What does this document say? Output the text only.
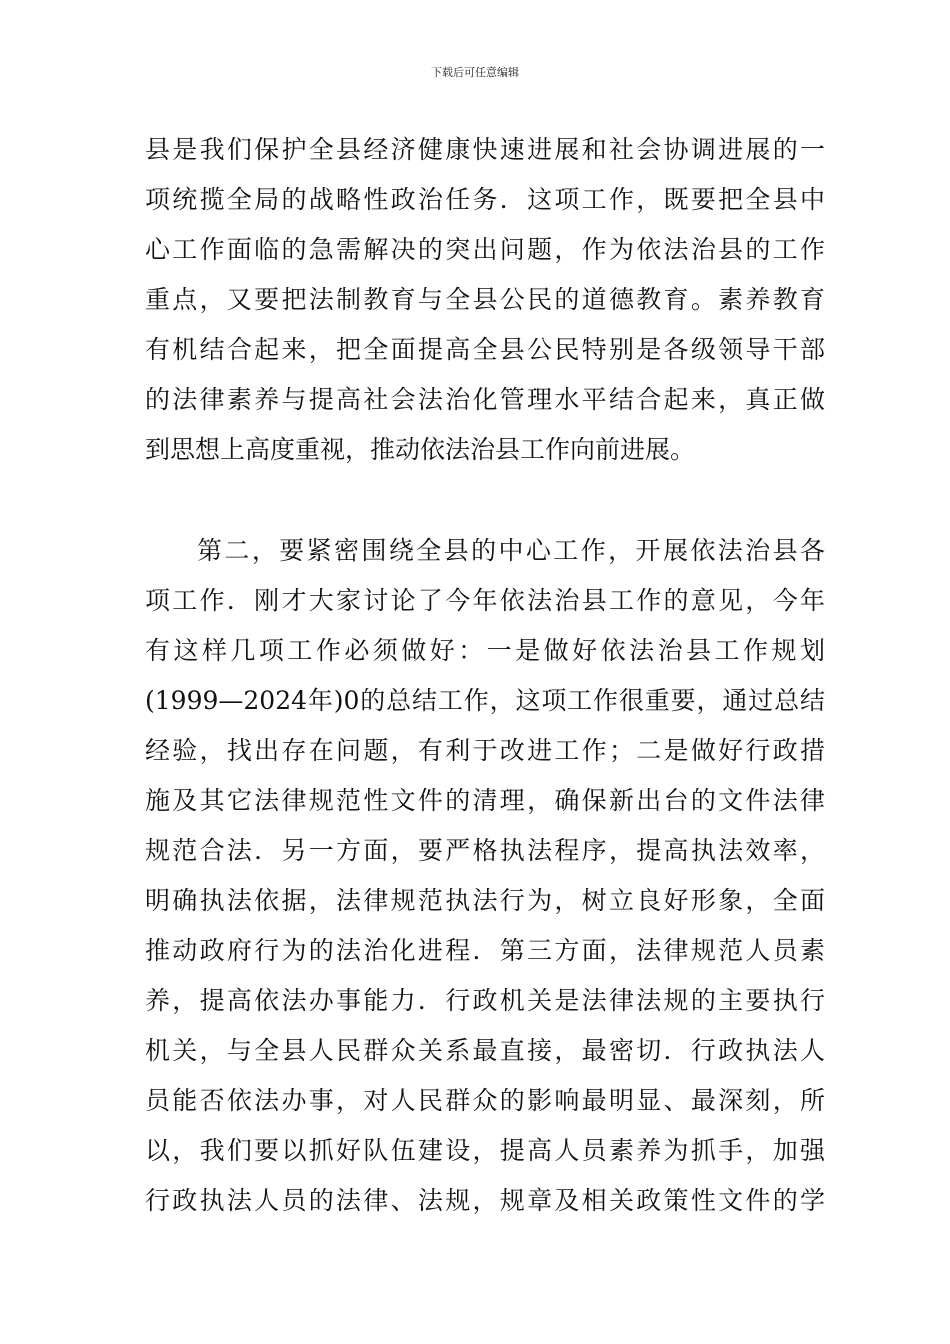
下载后可任意编辑
县是我们保护全县经济健康快速进展和社会协调进展的一
项统揽全局的战略性政治任务．这项工作，既要把全县中
心工作面临的急需解决的突出问题，作为依法治县的工作
重点，又要把法制教育与全县公民的道德教育。素养教育
有机结合起来，把全面提高全县公民特别是各级领导干部
的法律素养与提高社会法治化管理水平结合起来，真正做
到思想上高度重视，推动依法治县工作向前进展。
第二，要紧密围绕全县的中心工作，开展依法治县各
项工作．刚才大家讨论了今年依法治县工作的意见，今年
有这样几项工作必须做好：一是做好依法治县工作规划
(1999—2024年)0的总结工作，这项工作很重要，通过总结
经验，找出存在问题，有利于改进工作；二是做好行政措
施及其它法律规范性文件的清理，确保新出台的文件法律
规范合法．另一方面，要严格执法程序，提高执法效率，
明确执法依据，法律规范执法行为，树立良好形象，全面
推动政府行为的法治化进程．第三方面，法律规范人员素
养，提高依法办事能力．行政机关是法律法规的主要执行
机关，与全县人民群众关系最直接，最密切．行政执法人
员能否依法办事，对人民群众的影响最明显、最深刻，所
以，我们要以抓好队伍建设，提高人员素养为抓手，加强
行政执法人员的法律、法规，规章及相关政策性文件的学
